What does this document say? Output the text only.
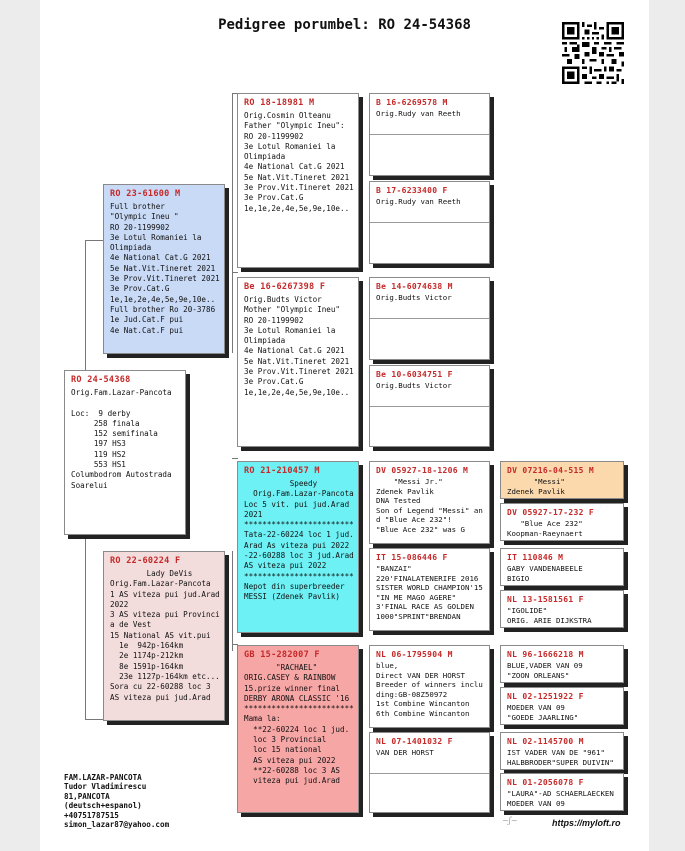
Pedigree porumbel: RO 24-54368
RO 24-54368
Orig.Fam.Lazar-Pancota

Loc:  9 derby
258 finala
152 semifinala
197 HS3
119 HS2
553 HS1
Columbodrom Autostrada
Soarelui
RO 23-61600 M
Full brother
"Olympic Ineu "
RO 20-1199902
3e Lotul Romaniei la
Olimpiada
4e National Cat.G 2021
5e Nat.Vit.Tineret 2021
3e Prov.Vit.Tineret 2021
3e Prov.Cat.G
1e,1e,2e,4e,5e,9e,10e..
Full brother Ro 20-3786
1e Jud.Cat.F pui
4e Nat.Cat.F pui
RO 22-60224 F
Lady DeVis
Orig.Fam.Lazar-Pancota
1 AS viteza pui jud.Arad
2022
3 AS viteza pui Provinci
a de Vest
15 National AS vit.pui
1e  942p-164km
2e 1174p-212km
8e 1591p-164km
23e 1127p-164km etc...
Sora cu 22-60288 loc 3
AS viteza pui jud.Arad
RO 18-18981 M
Orig.Cosmin Olteanu
Father "Olympic Ineu":
RO 20-1199902
3e Lotul Romaniei la
Olimpiada
4e National Cat.G 2021
5e Nat.Vit.Tineret 2021
3e Prov.Vit.Tineret 2021
3e Prov.Cat.G
1e,1e,2e,4e,5e,9e,10e..
Be 16-6267398 F
Orig.Budts Victor
Mother "Olympic Ineu"
RO 20-1199902
3e Lotul Romaniei la
Olimpiada
4e National Cat.G 2021
5e Nat.Vit.Tineret 2021
3e Prov.Vit.Tineret 2021
3e Prov.Cat.G
1e,1e,2e,4e,5e,9e,10e..
RO 21-210457 M
Speedy
Orig.Fam.Lazar-Pancota
Loc 5 vit. pui jud.Arad
2021
************************
Tata-22-60224 loc 1 jud.
Arad As viteza pui 2022
-22-60288 loc 3 jud.Arad
AS viteza pui 2022
************************
Nepot din superbreeder
MESSI (Zdenek Pavlik)
GB 15-282007 F
"RACHAEL"
ORIG.CASEY & RAINBOW
15.prize winner final
DERBY ARONA CLASSIC '16
************************
Mama la:
**22-60224 loc 1 jud.
loc 3 Provincial
loc 15 national
AS viteza pui 2022
**22-60288 loc 3 AS
viteza pui jud.Arad
B 16-6269578 M
Orig.Rudy van Reeth
B 17-6233400 F
Orig.Rudy van Reeth
Be 14-6074638 M
Orig.Budts Victor
Be 10-6034751 F
Orig.Budts Victor
DV 05927-18-1206 M
"Messi Jr."
Zdenek Pavlik
DNA Tested
Son of Legend "Messi" an
d "Blue Ace 232"!
"Blue Ace 232" was G
IT 15-086446 F
"BANZAI"
220'FINALATENERIFE 2016
SISTER WORLD CHAMPION'15
"IN ME MAGO AGERE"
3'FINAL RACE AS GOLDEN
1000"SPRINT"BRENDAN
NL 06-1795904 M
blue,
Direct VAN DER HORST
Breeder of winners inclu
ding:GB-08Z50972
1st Combine Wincanton
6th Combine Wincanton
NL 07-1401032 F
VAN DER HORST
DV 07216-04-515 M
"Messi"
Zdenek Pavlik
DV 05927-17-232 F
"Blue Ace 232"
Koopman-Raeynaert
IT 110846 M
GABY VANDENABEELE
BIGIO
NL 13-1581561 F
"IGOLIDE"
ORIG. ARIE DIJKSTRA
NL 96-1666218 M
BLUE,VADER VAN 09
"ZOON ORLEANS"
NL 02-1251922 F
MOEDER VAN 09
"GOEDE JAARLING"
NL 02-1145700 M
IST VADER VAN DE "961"
HALBBRODER"SUPER DUIVIN"
NL 01-2056078 F
"LAURA"-AD SCHAERLAECKEN
MOEDER VAN 09
FAM.LAZAR-PANCOTA
Tudor Vladimirescu
81,PANCOTA
(deutsch+espanol)
+40751787515
simon_lazar87@yahoo.com	~ʃ~	https://myloft.ro
